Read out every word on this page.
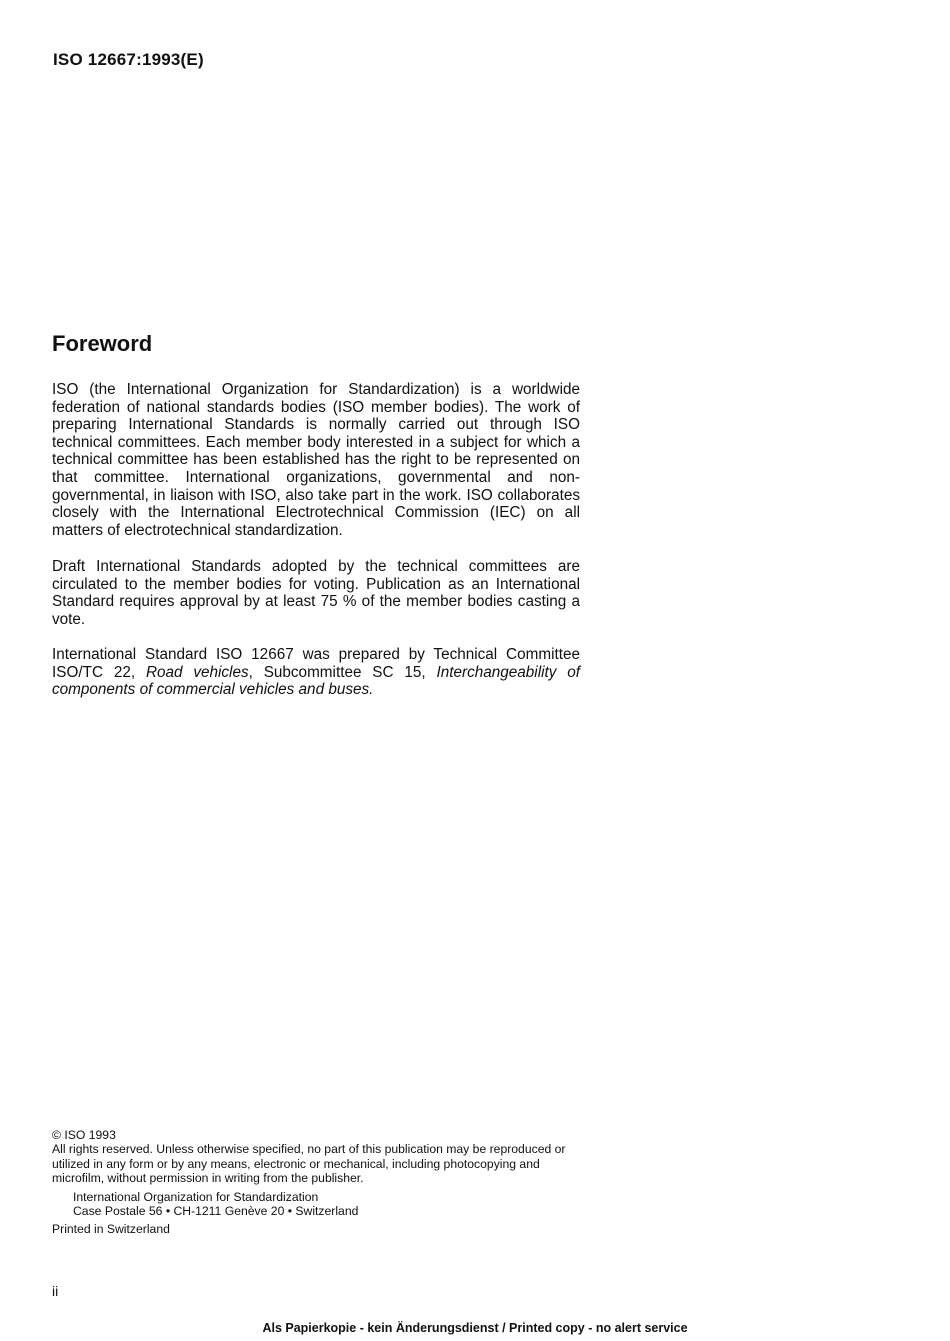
ISO 12667:1993(E)
Foreword

ISO (the International Organization for Standardization) is a worldwide federation of national standards bodies (ISO member bodies). The work of preparing International Standards is normally carried out through ISO technical committees. Each member body interested in a subject for which a technical committee has been established has the right to be represented on that committee. International organizations, governmental and non-governmental, in liaison with ISO, also take part in the work. ISO collaborates closely with the International Electrotechnical Commission (IEC) on all matters of electrotechnical standardization.

Draft International Standards adopted by the technical committees are circulated to the member bodies for voting. Publication as an International Standard requires approval by at least 75 % of the member bodies casting a vote.

International Standard ISO 12667 was prepared by Technical Committee ISO/TC 22, Road vehicles, Subcommittee SC 15, Interchangeability of components of commercial vehicles and buses.

© ISO 1993
All rights reserved. Unless otherwise specified, no part of this publication may be reproduced or utilized in any form or by any means, electronic or mechanical, including photocopying and microfilm, without permission in writing from the publisher.
International Organization for Standardization
Case Postale 56 • CH-1211 Genève 20 • Switzerland
Printed in Switzerland
ii
Als Papierkopie - kein Änderungsdienst / Printed copy - no alert service
